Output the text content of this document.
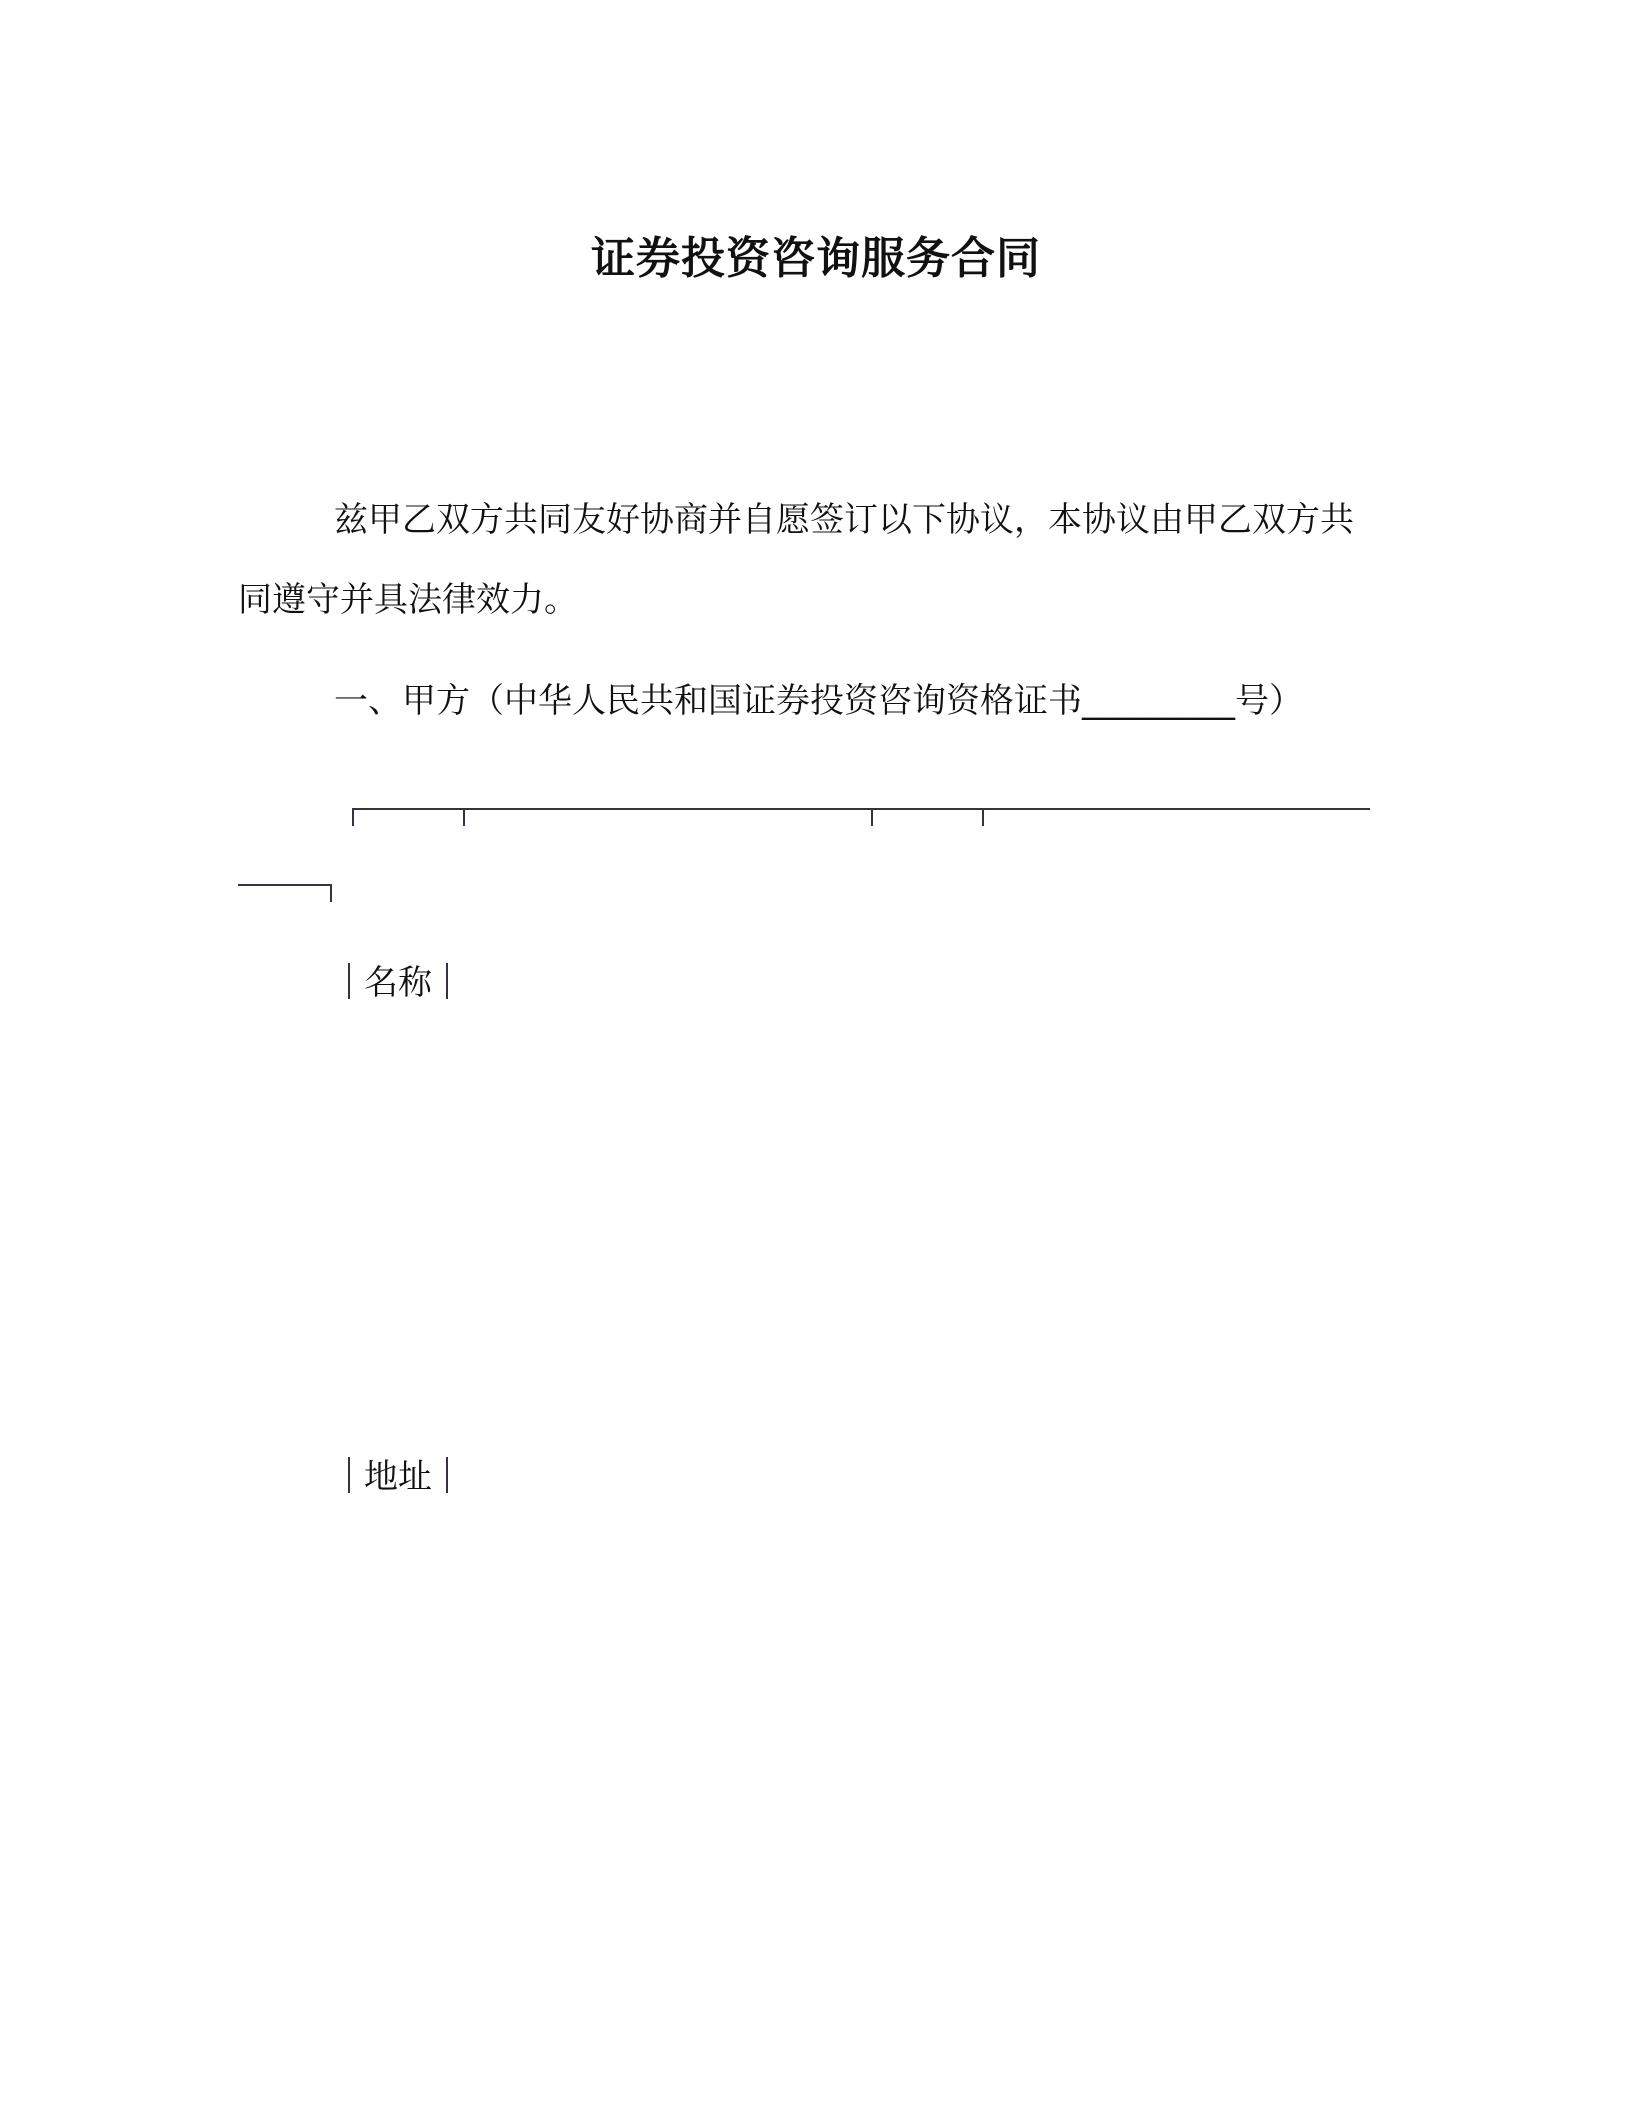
证券投资咨询服务合同

兹甲乙双方共同友好协商并自愿签订以下协议，本协议由甲乙双方共同遵守并具法律效力。

一、甲方（中华人民共和国证券投资咨询资格证书_________号）

名称
地址
